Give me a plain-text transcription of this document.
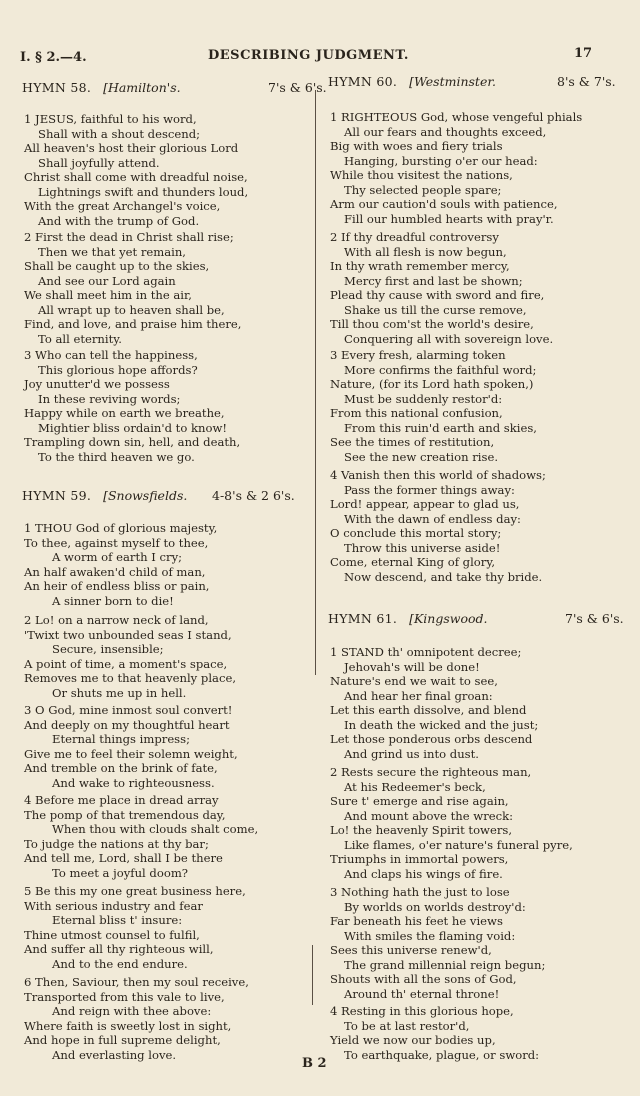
I. § 2.—4.	DESCRIBING JUDGMENT.	17
HYMN 58. [Hamilton's.	7's & 6's.
1 JESUS, faithful to his word,
Shall with a shout descend;
All heaven's host their glorious Lord
Shall joyfully attend.
Christ shall come with dreadful noise,
Lightnings swift and thunders loud,
With the great Archangel's voice,
And with the trump of God.
2 First the dead in Christ shall rise;
Then we that yet remain,
Shall be caught up to the skies,
And see our Lord again
We shall meet him in the air,
All wrapt up to heaven shall be,
Find, and love, and praise him there,
To all eternity.
3 Who can tell the happiness,
This glorious hope affords?
Joy unutter'd we possess
In these reviving words;
Happy while on earth we breathe,
Mightier bliss ordain'd to know!
Trampling down sin, hell, and death,
To the third heaven we go.
HYMN 59. [Snowsfields. 4-8's & 2 6's.
1 THOU God of glorious majesty,
To thee, against myself to thee,
A worm of earth I cry;
An half awaken'd child of man,
An heir of endless bliss or pain,
A sinner born to die!
2 Lo! on a narrow neck of land,
'Twixt two unbounded seas I stand,
Secure, insensible;
A point of time, a moment's space,
Removes me to that heavenly place,
Or shuts me up in hell.
3 O God, mine inmost soul convert!
And deeply on my thoughtful heart
Eternal things impress;
Give me to feel their solemn weight,
And tremble on the brink of fate,
And wake to righteousness.
4 Before me place in dread array
The pomp of that tremendous day,
When thou with clouds shalt come,
To judge the nations at thy bar;
And tell me, Lord, shall I be there
To meet a joyful doom?
5 Be this my one great business here,
With serious industry and fear
Eternal bliss t' insure:
Thine utmost counsel to fulfil,
And suffer all thy righteous will,
And to the end endure.
6 Then, Saviour, then my soul receive,
Transported from this vale to live,
And reign with thee above:
Where faith is sweetly lost in sight,
And hope in full supreme delight,
And everlasting love.
HYMN 60. [Westminster.	8's & 7's.
1 RIGHTEOUS God, whose vengeful phials
All our fears and thoughts exceed,
Big with woes and fiery trials
Hanging, bursting o'er our head:
While thou visitest the nations,
Thy selected people spare;
Arm our caution'd souls with patience,
Fill our humbled hearts with pray'r.
2 If thy dreadful controversy
With all flesh is now begun,
In thy wrath remember mercy,
Mercy first and last be shown;
Plead thy cause with sword and fire,
Shake us till the curse remove,
Till thou com'st the world's desire,
Conquering all with sovereign love.
3 Every fresh, alarming token
More confirms the faithful word;
Nature, (for its Lord hath spoken,)
Must be suddenly restor'd:
From this national confusion,
From this ruin'd earth and skies,
See the times of restitution,
See the new creation rise.
4 Vanish then this world of shadows;
Pass the former things away:
Lord! appear, appear to glad us,
With the dawn of endless day:
O conclude this mortal story;
Throw this universe aside!
Come, eternal King of glory,
Now descend, and take thy bride.
HYMN 61. [Kingswood.	7's & 6's.
1 STAND th' omnipotent decree;
Jehovah's will be done!
Nature's end we wait to see,
And hear her final groan:
Let this earth dissolve, and blend
In death the wicked and the just;
Let those ponderous orbs descend
And grind us into dust.
2 Rests secure the righteous man,
At his Redeemer's beck,
Sure t' emerge and rise again,
And mount above the wreck:
Lo! the heavenly Spirit towers,
Like flames, o'er nature's funeral pyre,
Triumphs in immortal powers,
And claps his wings of fire.
3 Nothing hath the just to lose
By worlds on worlds destroy'd:
Far beneath his feet he views
With smiles the flaming void:
Sees this universe renew'd,
The grand millennial reign begun;
Shouts with all the sons of God,
Around th' eternal throne!
4 Resting in this glorious hope,
To be at last restor'd,
Yield we now our bodies up,
To earthquake, plague, or sword:
B 2
